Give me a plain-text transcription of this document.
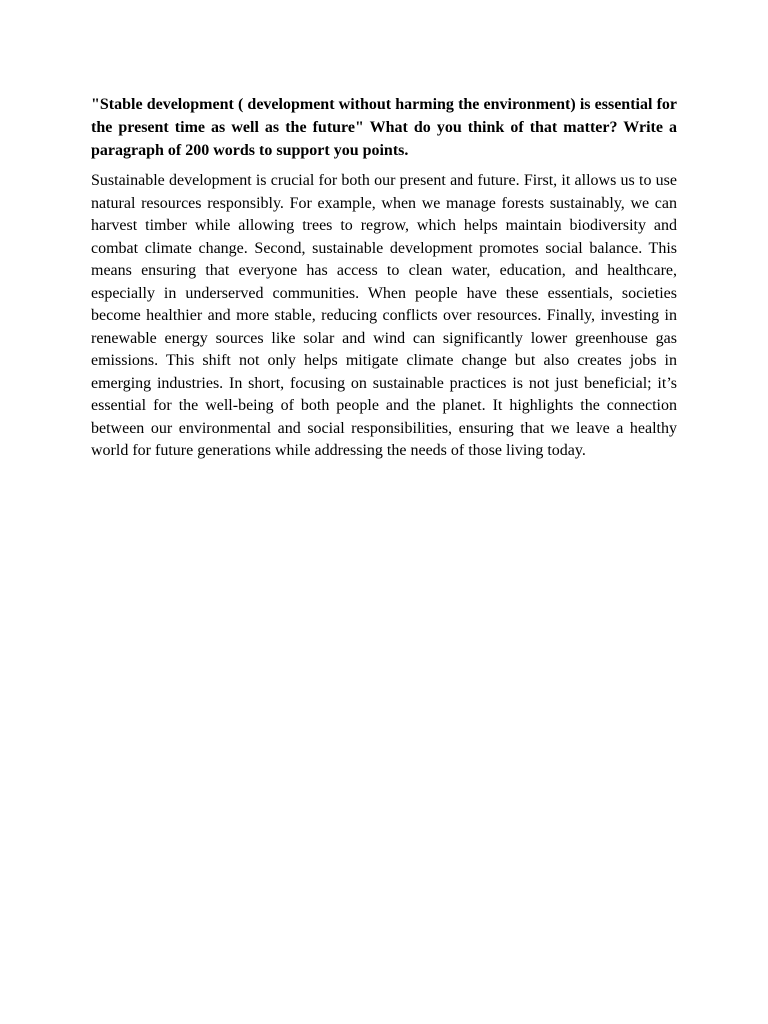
"Stable development ( development without harming the environment) is essential for the present time as well as the future" What do you think of that matter? Write a paragraph of 200 words to support you points.

Sustainable development is crucial for both our present and future. First, it allows us to use natural resources responsibly. For example, when we manage forests sustainably, we can harvest timber while allowing trees to regrow, which helps maintain biodiversity and combat climate change. Second, sustainable development promotes social balance. This means ensuring that everyone has access to clean water, education, and healthcare, especially in underserved communities. When people have these essentials, societies become healthier and more stable, reducing conflicts over resources. Finally, investing in renewable energy sources like solar and wind can significantly lower greenhouse gas emissions. This shift not only helps mitigate climate change but also creates jobs in emerging industries. In short, focusing on sustainable practices is not just beneficial; it’s essential for the well-being of both people and the planet. It highlights the connection between our environmental and social responsibilities, ensuring that we leave a healthy world for future generations while addressing the needs of those living today.
